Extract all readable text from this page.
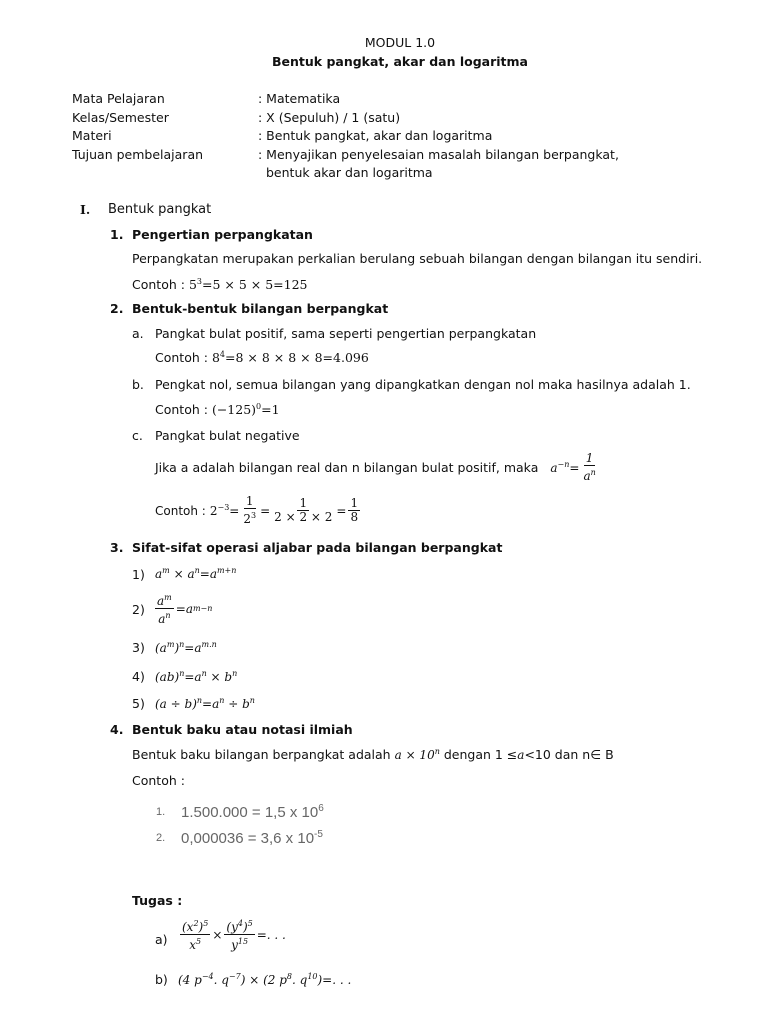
MODUL 1.0
Bentuk pangkat, akar dan logaritma
Mata Pelajaran	: Matematika
Kelas/Semester	: X (Sepuluh) / 1 (satu)
Materi	: Bentuk pangkat, akar dan logaritma
Tujuan pembelajaran	: Menyajikan penyelesaian masalah bilangan berpangkat,
bentuk akar dan logaritma
I. Bentuk pangkat
1. Pengertian perpangkatan
Perpangkatan merupakan perkalian berulang sebuah bilangan dengan bilangan itu sendiri.
Contoh : $5^3=5 \times 5 \times 5=125$
2. Bentuk-bentuk bilangan berpangkat
a. Pangkat bulat positif, sama seperti pengertian perpangkatan
Contoh : $8^4=8 \times 8 \times 8 \times 8=4.096$
b. Pengkat nol, semua bilangan yang dipangkatkan dengan nol maka hasilnya adalah 1.
Contoh : $(-125)^0=1$
c. Pangkat bulat negative
Jika a adalah bilangan real dan n bilangan bulat positif, maka $a^{-n}= \frac{1}{a^n}$
Contoh : $2^{-3}= \frac{1}{2^3} = \frac{1}{2 \times 2 \times 2} = \frac{1}{8}$
3. Sifat-sifat operasi aljabar pada bilangan berpangkat
1) $a^m \times a^n=a^{m+n}$
$2) \frac{a^m}{a^n} = a$ m−n
3) $(a^m)^n=a^{m.n}$
4) $(ab)^n=a^n \times b^n$
5) $(a \div b)^n=a^n \div b^n$
4. Bentuk baku atau notasi ilmiah
Bentuk baku bilangan berpangkat adalah $a \times 10^n$ dengan 1 ≤a<10 dan n∈ B
Contoh :
1. 1.500.000 = 1,5 x $10^6$
2. 0,000036 = 3,6 x $10^{-5}$
Tugas :
$a) \frac{(x^2)^5}{x^5} \times \frac{(y^4)^5}{y^{15}}$ =. . .
b) (4 $p^{-4}$. $q^{-7}) \times (2$ $p^8$. $q^{10})=$. . .
